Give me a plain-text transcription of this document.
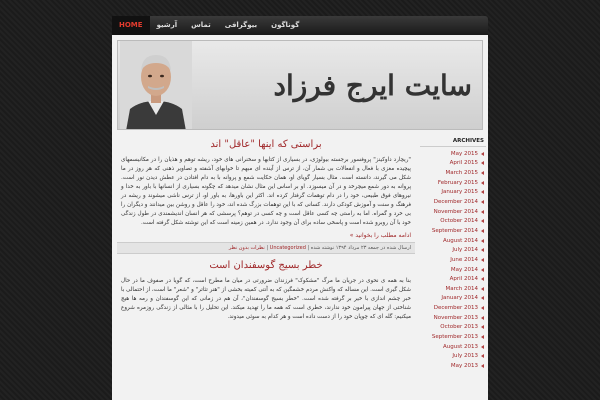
HOME	آرشیو	تماس	بیوگرافی	گوناگون
سایت ایرج فرزاد
براستی که اینها "عاقل" اند
"ریچارد داوکینز" پروفسور برجسته بیولوژی، در بسیاری از کتابها و سخنرانی های خود، ریشه توهم و هذیان را در مکانیسمهای پیچیده مغزی با فعال و انفعالات بی شمار آن، از ترس از آینده ای مبهم تا خوابهای آشفته و تصاویر ذهنی که هر روز در ما شکل می گیرند، دانسته است. مثال بسیار گویای او، همان حکایت شمع و پروانه با به دام افتادن در عطش دیدن نور است. پروانه به دور شمع میچرخد و در آن میسوزد. او بر اساس این مثال نشان میدهد که چگونه بسیاری از انسانها با باور به خدا و نیروهای فوق طبیعی، خود را در دام توهمات گرفتار کرده اند. اکثر این باورها، به باور او، از ترس ناشی میشوند و ریشه در فرهنگ و سنت و آموزش کودکی دارند. کسانی که با این توهمات بزرگ شده اند، خود را عاقل و روشن بین میدانند و دیگران را بی خرد و گمراه. اما به راستی چه کسی عاقل است و چه کسی در توهم؟ پرسشی که هر انسان اندیشمندی در طول زندگی خود با آن روبرو شده است و پاسخی ساده برای آن وجود ندارد. در همین زمینه است که این نوشته شکل گرفته است.
ادامه مطلب را بخوانید »
ارسال شده در جمعه ۲۳ مرداد ۱۳۹۴ نوشته شده | Uncategorized | نظرات بدون نظر
خطر بسیج گوسفندان است
بنا به همه ی نحوی در جریان ما مرگ "مشکوک" فرزندان ضرورتی در میان ما مطرح است، که گویا در صفوف ما در حال شکل گیری است. این مساله که واکنش مردم خشمگین که به آنتی کمیته بخشی از "هنر تئاتر" و "شعر" ما است، از احتمالی با خبر چشم اندازی با خیر بر گرفته شده است. "خطر بسیج گوسفندان"، آن هم در زمانی که این گوسفندان و رمه ها هیچ شناختی از جهان پیرامون خود ندارند، خطری است که همه ما را تهدید میکند. این تحلیل را با مثالی از زندگی روزمره شروع میکنیم: گله ای که چوپان خود را از دست داده است و هر کدام به سوئی میدوند.
ARCHIVES
May 2015
April 2015
March 2015
February 2015
January 2015
December 2014
November 2014
October 2014
September 2014
August 2014
July 2014
June 2014
May 2014
April 2014
March 2014
January 2014
December 2013
November 2013
October 2013
September 2013
August 2013
July 2013
May 2013
